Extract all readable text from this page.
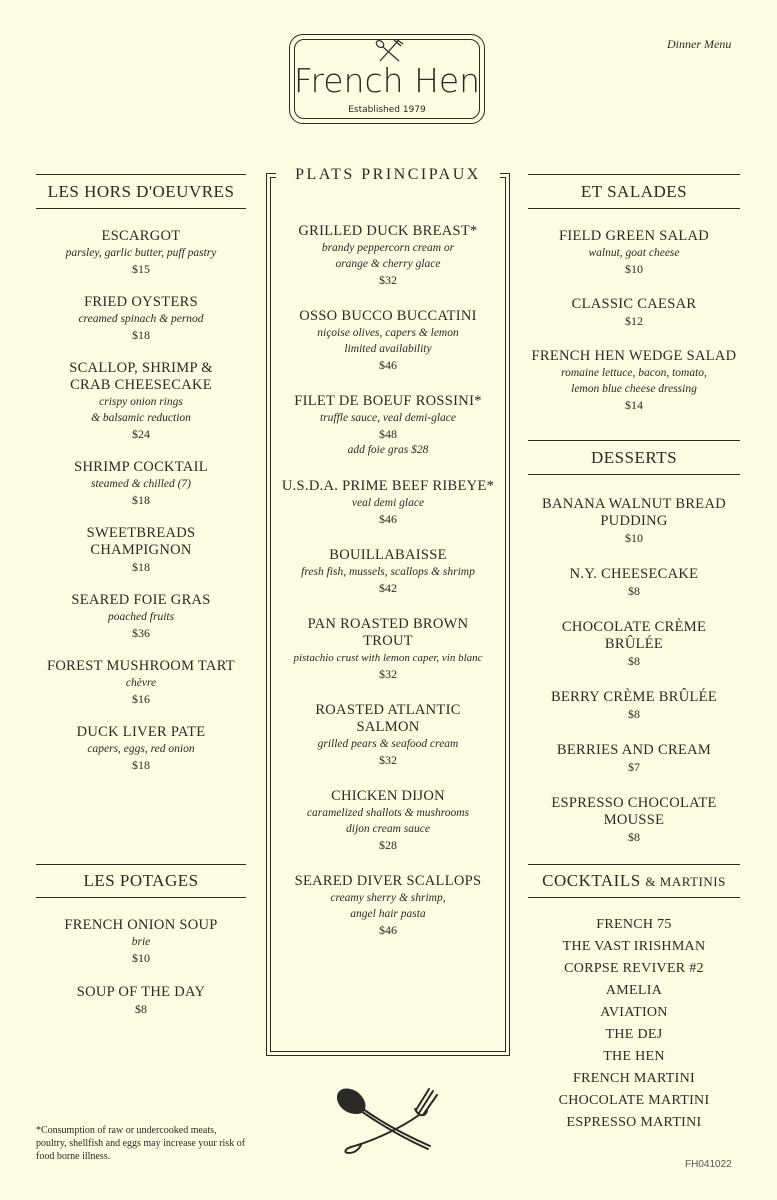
Dinner Menu
French Hen
Established 1979
LES HORS D'OEUVRES
ESCARGOT
parsley, garlic butter, puff pastry
$15
FRIED OYSTERS
creamed spinach & pernod
$18
SCALLOP, SHRIMP & CRAB CHEESECAKE
crispy onion rings
& balsamic reduction
$24
SHRIMP COCKTAIL
steamed & chilled (7)
$18
SWEETBREADS CHAMPIGNON
$18
SEARED FOIE GRAS
poached fruits
$36
FOREST MUSHROOM TART
chèvre
$16
DUCK LIVER PATE
capers, eggs, red onion
$18
LES POTAGES
FRENCH ONION SOUP
brie
$10
SOUP OF THE DAY
$8
*Consumption of raw or undercooked meats, poultry, shellfish and eggs may increase your risk of food borne illness.
PLATS PRINCIPAUX
GRILLED DUCK BREAST*
brandy peppercorn cream or
orange & cherry glace
$32
OSSO BUCCO BUCCATINI
niçoise olives, capers & lemon
limited availability
$46
FILET DE BOEUF ROSSINI*
truffle sauce, veal demi-glace
$48
add foie gras $28
U.S.D.A. PRIME BEEF RIBEYE*
veal demi glace
$46
BOUILLABAISSE
fresh fish, mussels, scallops & shrimp
$42
PAN ROASTED BROWN TROUT
pistachio crust with lemon caper, vin blanc
$32
ROASTED ATLANTIC SALMON
grilled pears & seafood cream
$32
CHICKEN DIJON
caramelized shallots & mushrooms
dijon cream sauce
$28
SEARED DIVER SCALLOPS
creamy sherry & shrimp,
angel hair pasta
$46
ET SALADES
FIELD GREEN SALAD
walnut, goat cheese
$10
CLASSIC CAESAR
$12
FRENCH HEN WEDGE SALAD
romaine lettuce, bacon, tomato,
lemon blue cheese dressing
$14
DESSERTS
BANANA WALNUT BREAD PUDDING
$10
N.Y. CHEESECAKE
$8
CHOCOLATE CRÈME BRÛLÉE
$8
BERRY CRÈME BRÛLÉE
$8
BERRIES AND CREAM
$7
ESPRESSO CHOCOLATE MOUSSE
$8
COCKTAILS & MARTINIS
FRENCH 75
THE VAST IRISHMAN
CORPSE REVIVER #2
AMELIA
AVIATION
THE DEJ
THE HEN
FRENCH MARTINI
CHOCOLATE MARTINI
ESPRESSO MARTINI
FH041022
